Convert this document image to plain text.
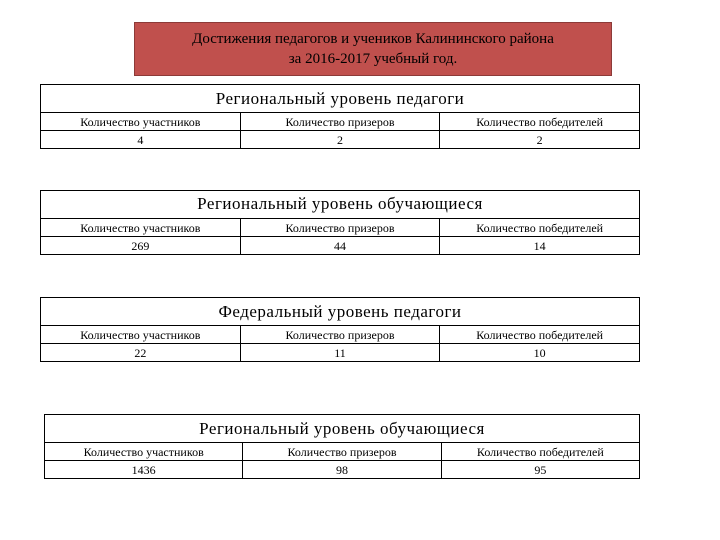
Достижения педагогов и учеников Калининского района
за 2016-2017 учебный год.
Региональный уровень педагоги
Количество участников	Количество призеров	Количество победителей
4	2	2
Региональный уровень обучающиеся
Количество участников	Количество призеров	Количество победителей
269	44	14
Федеральный уровень педагоги
Количество участников	Количество призеров	Количество победителей
22	11	10
Региональный уровень обучающиеся
Количество участников	Количество призеров	Количество победителей
1436	98	95
